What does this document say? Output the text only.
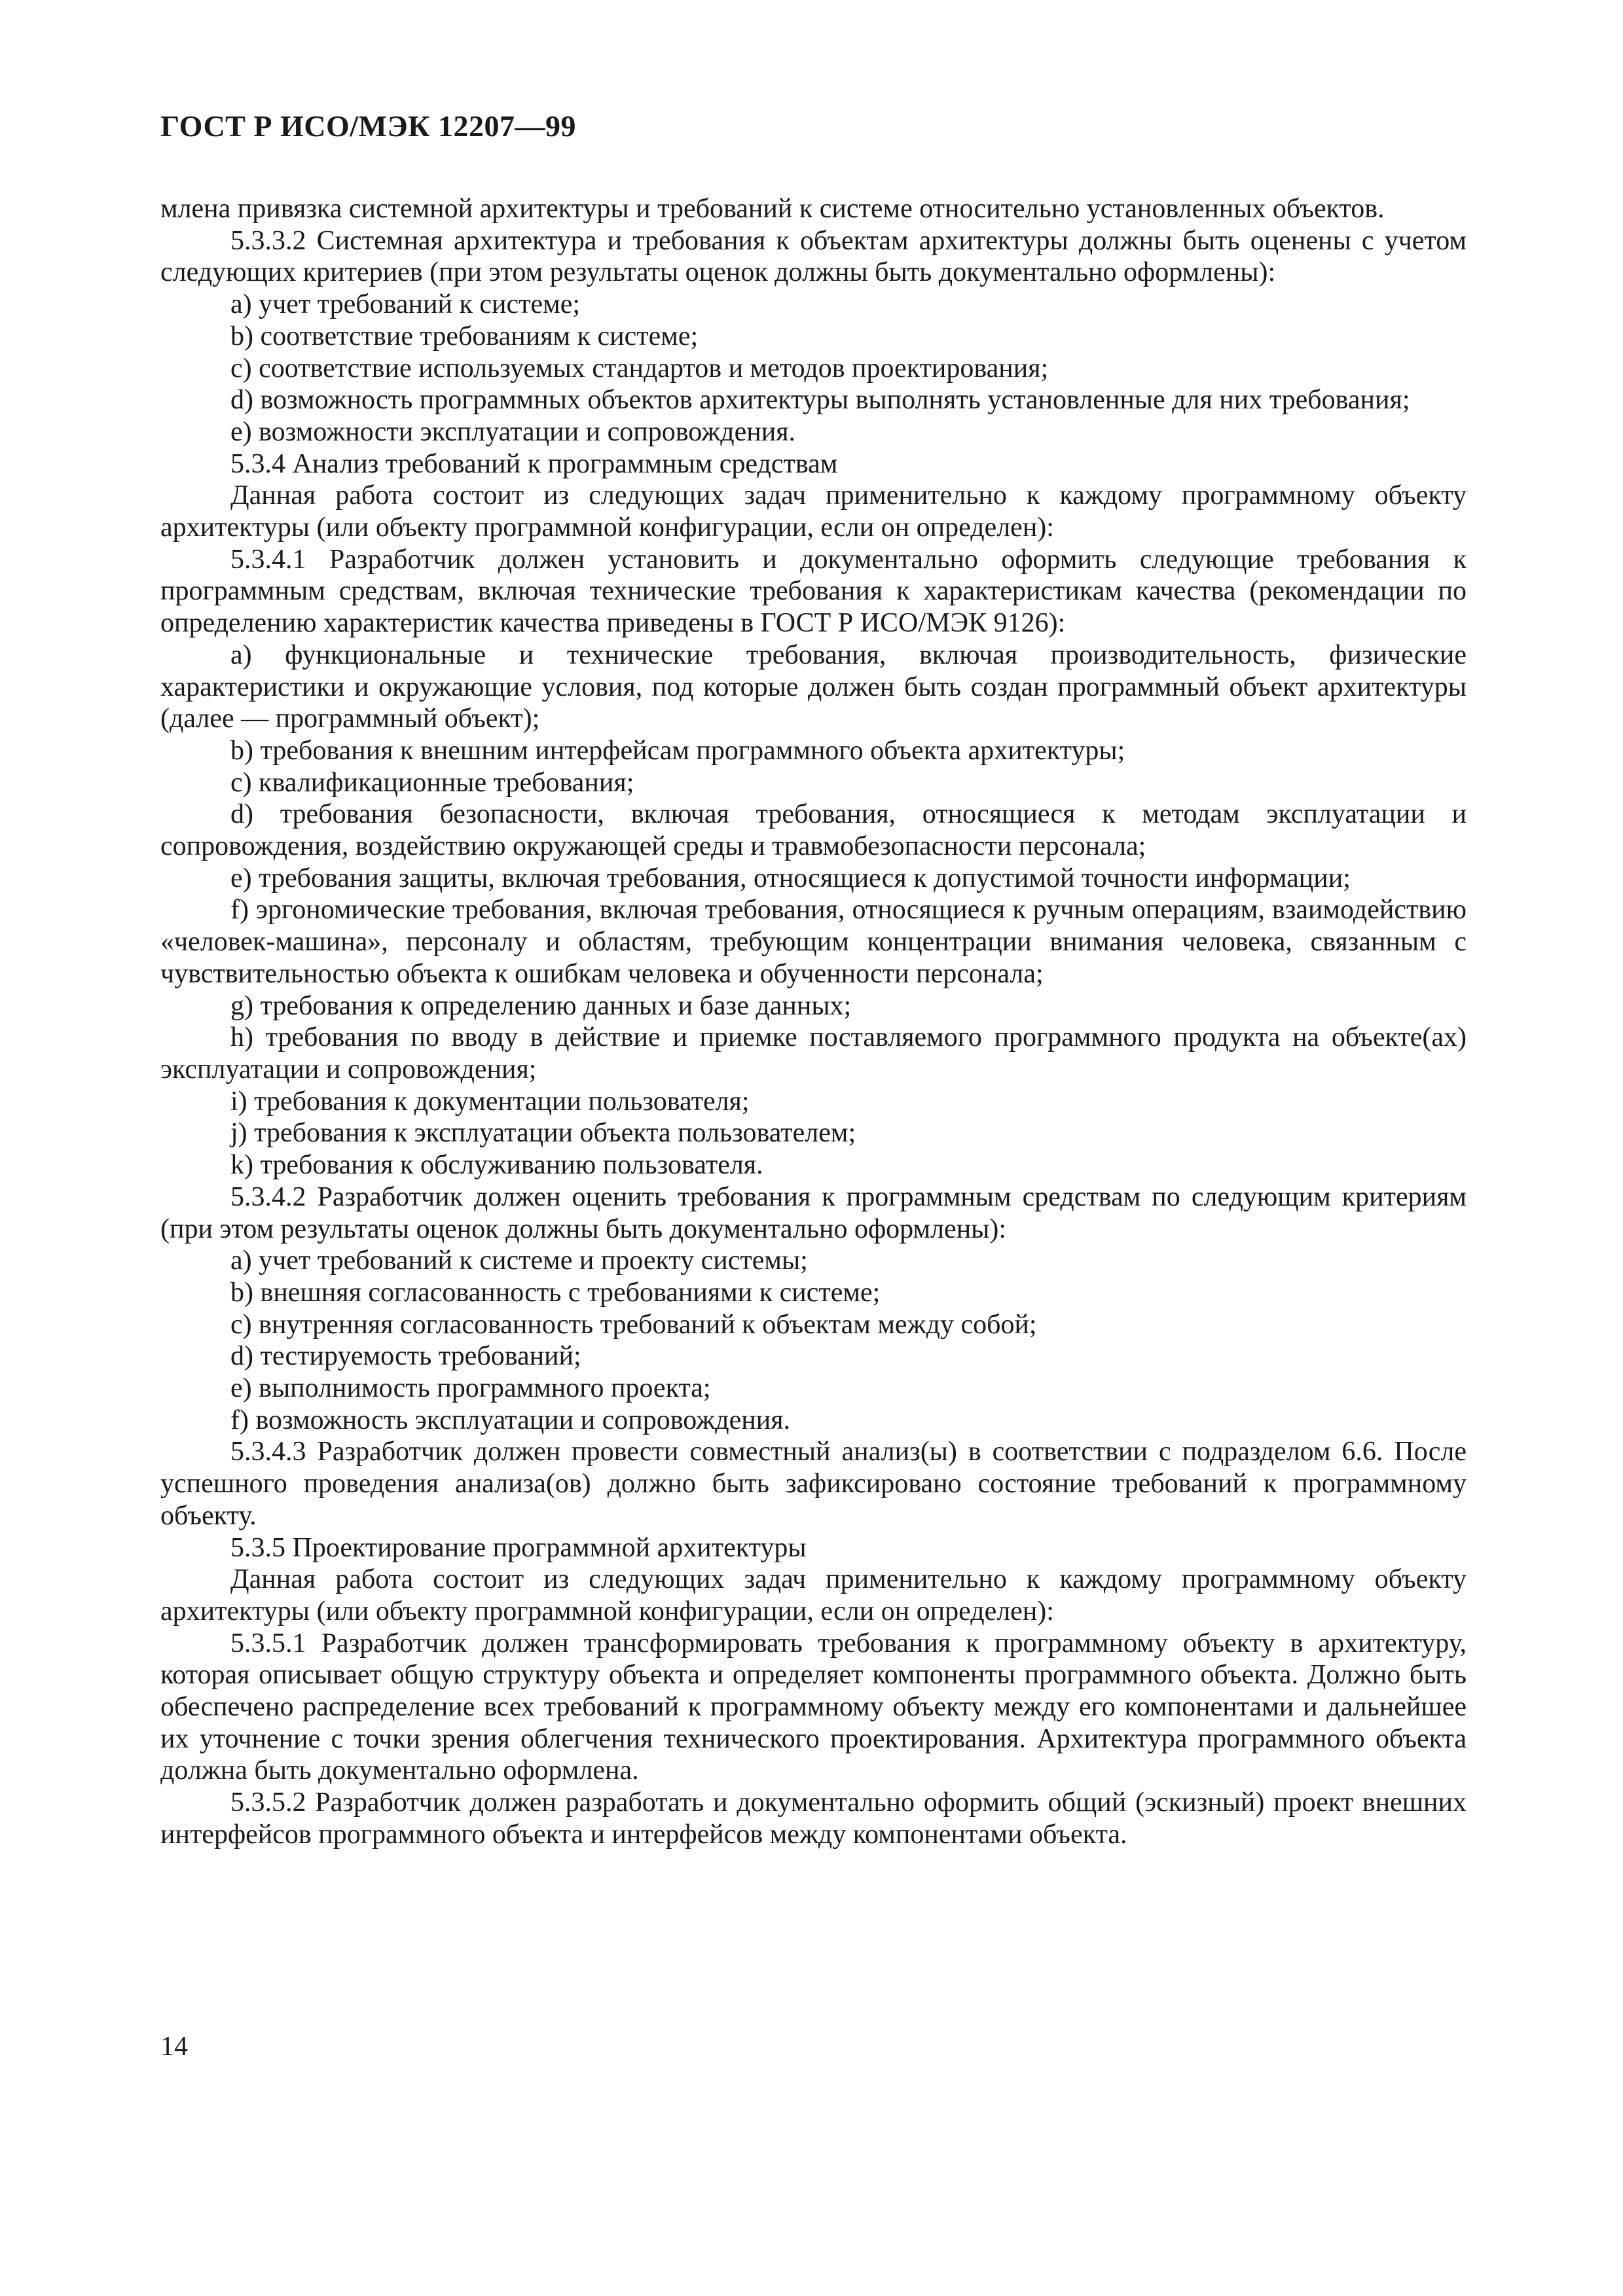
ГОСТ Р ИСО/МЭК 12207—99

млена привязка системной архитектуры и требований к системе относительно установленных объектов.

5.3.3.2 Системная архитектура и требования к объектам архитектуры должны быть оценены с учетом следующих критериев (при этом результаты оценок должны быть документально оформлены):

a) учет требований к системе;

b) соответствие требованиям к системе;

c) соответствие используемых стандартов и методов проектирования;

d) возможность программных объектов архитектуры выполнять установленные для них требования;

e) возможности эксплуатации и сопровождения.

5.3.4 Анализ требований к программным средствам

Данная работа состоит из следующих задач применительно к каждому программному объекту архитектуры (или объекту программной конфигурации, если он определен):

5.3.4.1 Разработчик должен установить и документально оформить следующие требования к программным средствам, включая технические требования к характеристикам качества (рекомендации по определению характеристик качества приведены в ГОСТ Р ИСО/МЭК 9126):

a) функциональные и технические требования, включая производительность, физические характеристики и окружающие условия, под которые должен быть создан программный объект архитектуры (далее — программный объект);

b) требования к внешним интерфейсам программного объекта архитектуры;

c) квалификационные требования;

d) требования безопасности, включая требования, относящиеся к методам эксплуатации и сопровождения, воздействию окружающей среды и травмобезопасности персонала;

e) требования защиты, включая требования, относящиеся к допустимой точности информации;

f) эргономические требования, включая требования, относящиеся к ручным операциям, взаимодействию «человек-машина», персоналу и областям, требующим концентрации внимания человека, связанным с чувствительностью объекта к ошибкам человека и обученности персонала;

g) требования к определению данных и базе данных;

h) требования по вводу в действие и приемке поставляемого программного продукта на объекте(ах) эксплуатации и сопровождения;

i) требования к документации пользователя;

j) требования к эксплуатации объекта пользователем;

k) требования к обслуживанию пользователя.

5.3.4.2 Разработчик должен оценить требования к программным средствам по следующим критериям (при этом результаты оценок должны быть документально оформлены):

a) учет требований к системе и проекту системы;

b) внешняя согласованность с требованиями к системе;

c) внутренняя согласованность требований к объектам между собой;

d) тестируемость требований;

e) выполнимость программного проекта;

f) возможность эксплуатации и сопровождения.

5.3.4.3 Разработчик должен провести совместный анализ(ы) в соответствии с подразделом 6.6. После успешного проведения анализа(ов) должно быть зафиксировано состояние требований к программному объекту.

5.3.5 Проектирование программной архитектуры

Данная работа состоит из следующих задач применительно к каждому программному объекту архитектуры (или объекту программной конфигурации, если он определен):

5.3.5.1 Разработчик должен трансформировать требования к программному объекту в архитектуру, которая описывает общую структуру объекта и определяет компоненты программного объекта. Должно быть обеспечено распределение всех требований к программному объекту между его компонентами и дальнейшее их уточнение с точки зрения облегчения технического проектирования. Архитектура программного объекта должна быть документально оформлена.

5.3.5.2 Разработчик должен разработать и документально оформить общий (эскизный) проект внешних интерфейсов программного объекта и интерфейсов между компонентами объекта.

14
